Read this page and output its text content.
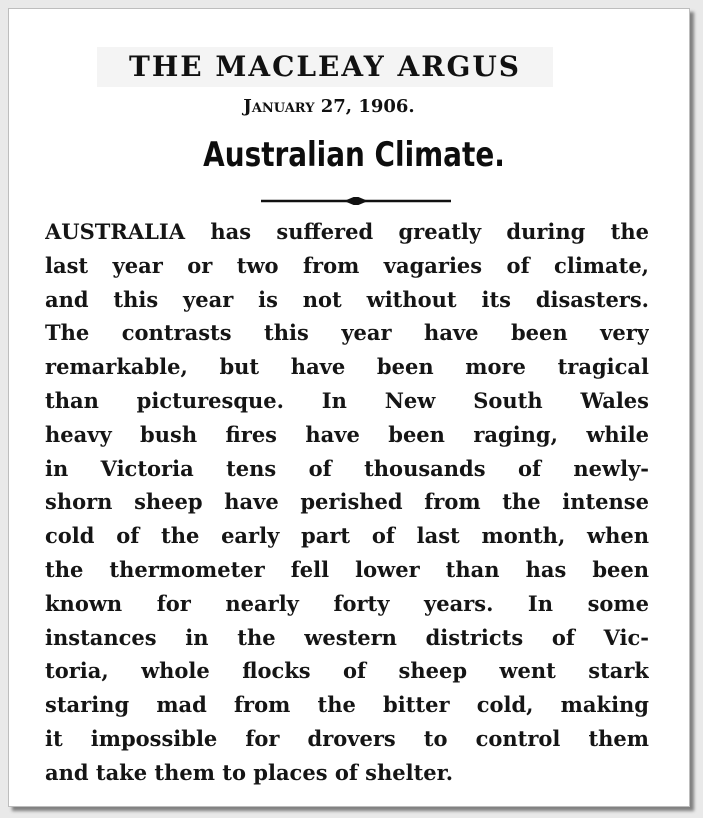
THE MACLEAY ARGUS
January 27, 1906.
Australian Climate.
AUSTRALIA has suffered greatly during the
last year or two from vagaries of climate,
and this year is not without its disasters.
The contrasts this year have been very
remarkable, but have been more tragical
than picturesque. In New South Wales
heavy bush fires have been raging, while
in Victoria tens of thousands of newly-
shorn sheep have perished from the intense
cold of the early part of last month, when
the thermometer fell lower than has been
known for nearly forty years. In some
instances in the western districts of Vic-
toria, whole flocks of sheep went stark
staring mad from the bitter cold, making
it impossible for drovers to control them
and take them to places of shelter.
